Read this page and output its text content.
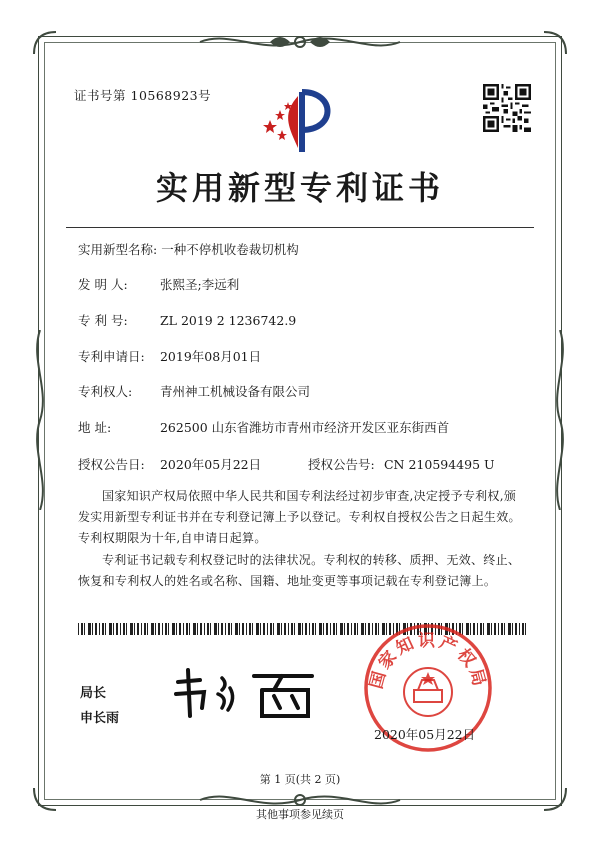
证书号第 10568923号
实用新型专利证书
实用新型名称: 一种不停机收卷裁切机构
发 明 人:	张熙圣;李远利
专 利 号:	ZL 2019 2 1236742.9
专利申请日: 2019年08月01日
专利权人: 青州神工机械设备有限公司
地 址:	262500 山东省潍坊市青州市经济开发区亚东街西首
授权公告日: 2020年05月22日	授权公告号: CN 210594495 U
国家知识产权局依照中华人民共和国专利法经过初步审查,决定授予专利权,颁发实用新型专利证书并在专利登记簿上予以登记。专利权自授权公告之日起生效。专利权期限为十年,自申请日起算。
专利证书记载专利权登记时的法律状况。专利权的转移、质押、无效、终止、恢复和专利权人的姓名或名称、国籍、地址变更等事项记载在专利登记簿上。
局长
申长雨
国家知识产权局
2020年05月22日
第 1 页(共 2 页)
其他事项参见续页
